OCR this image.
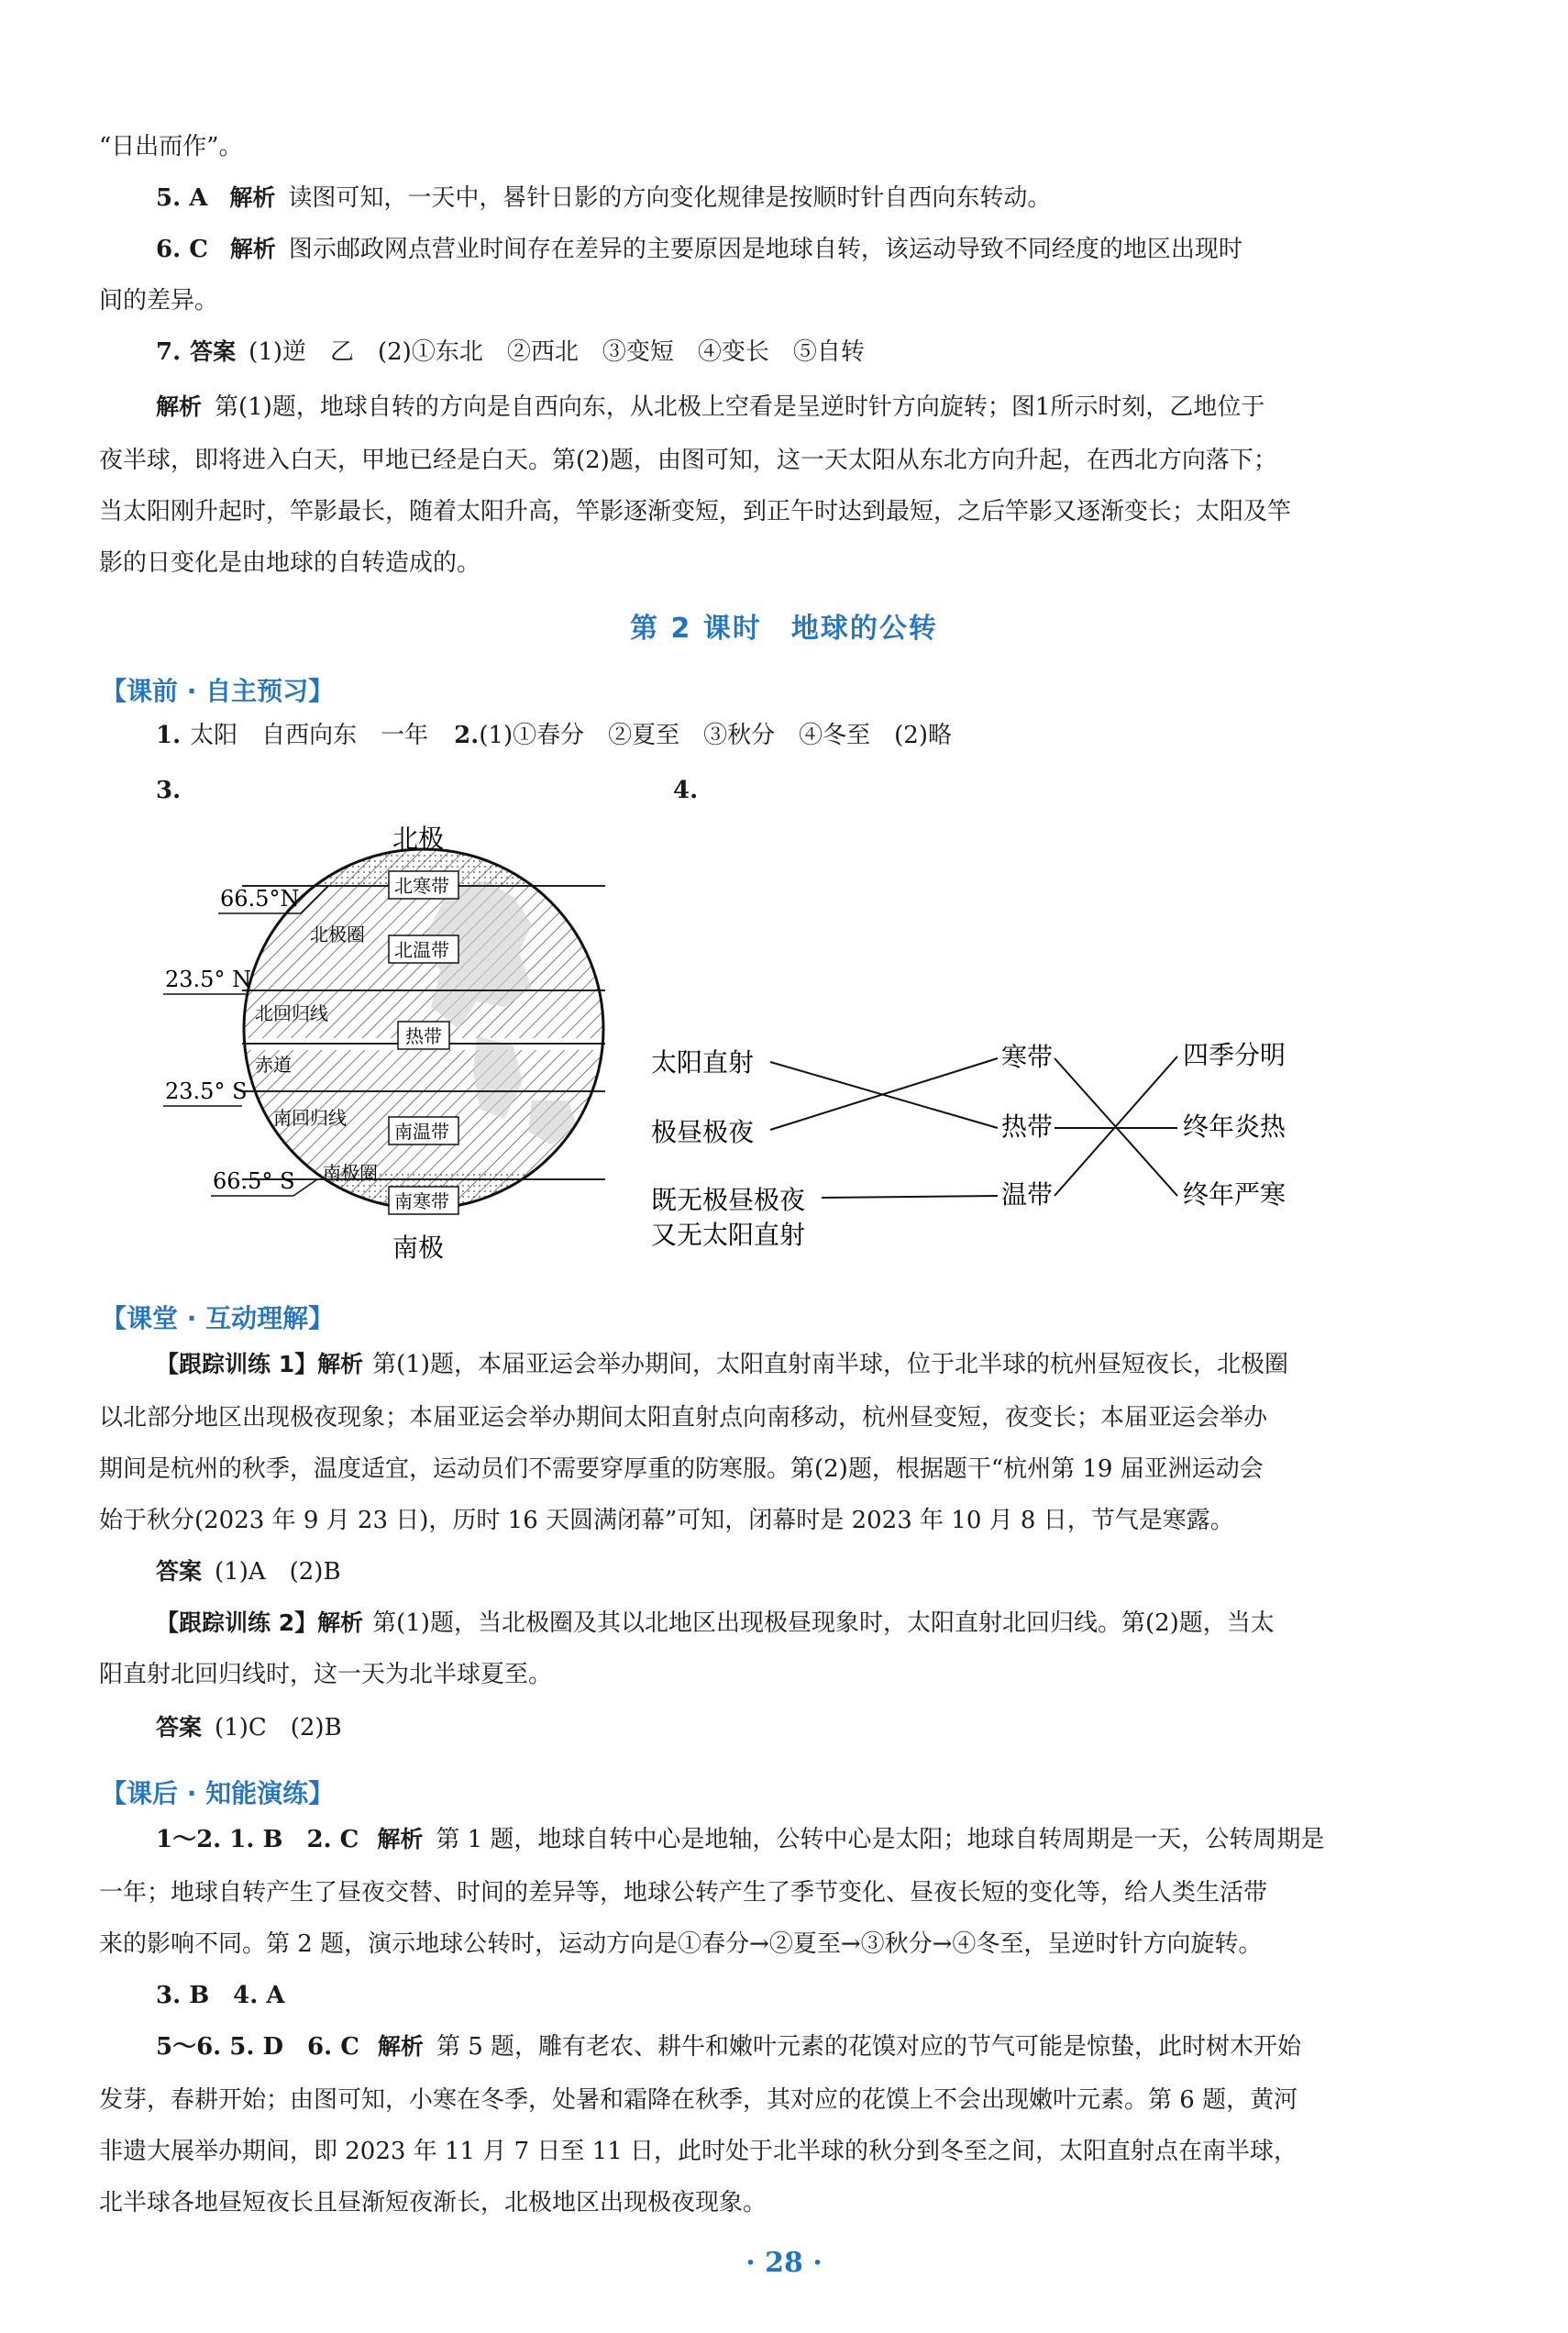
“日出而作”。
5. A 解析 读图可知，一天中，晷针日影的方向变化规律是按顺时针自西向东转动。
6. C 解析 图示邮政网点营业时间存在差异的主要原因是地球自转，该运动导致不同经度的地区出现时
间的差异。
7. 答案 (1)逆　乙　(2)①东北　②西北　③变短　④变长　⑤自转
解析 第(1)题，地球自转的方向是自西向东，从北极上空看是呈逆时针方向旋转；图1所示时刻，乙地位于
夜半球，即将进入白天，甲地已经是白天。第(2)题，由图可知，这一天太阳从东北方向升起，在西北方向落下；
当太阳刚升起时，竿影最长，随着太阳升高，竿影逐渐变短，到正午时达到最短，之后竿影又逐渐变长；太阳及竿
影的日变化是由地球的自转造成的。
第 2 课时　地球的公转
【课前 · 自主预习】
1. 太阳　自西向东　一年 2.(1)①春分　②夏至　③秋分　④冬至　(2)略
3.	4.
66.5°N
23.5° N
23.5° S
66.5° S
北极
南极
北极圈
北回归线
赤道
南回归线
南极圈
北寒带
北温带
热带
南温带
南寒带
太阳直射
极昼极夜
既无极昼极夜
又无太阳直射
寒带
热带
温带
四季分明
终年炎热
终年严寒
【课堂 · 互动理解】
【跟踪训练 1】解析 第(1)题，本届亚运会举办期间，太阳直射南半球，位于北半球的杭州昼短夜长，北极圈
以北部分地区出现极夜现象；本届亚运会举办期间太阳直射点向南移动，杭州昼变短，夜变长；本届亚运会举办
期间是杭州的秋季，温度适宜，运动员们不需要穿厚重的防寒服。第(2)题，根据题干“杭州第 19 届亚洲运动会
始于秋分(2023 年 9 月 23 日)，历时 16 天圆满闭幕”可知，闭幕时是 2023 年 10 月 8 日，节气是寒露。
答案 (1)A　(2)B
【跟踪训练 2】解析 第(1)题，当北极圈及其以北地区出现极昼现象时，太阳直射北回归线。第(2)题，当太
阳直射北回归线时，这一天为北半球夏至。
答案 (1)C　(2)B
【课后 · 知能演练】
1～2. 1. B　2. C 解析 第 1 题，地球自转中心是地轴，公转中心是太阳；地球自转周期是一天，公转周期是
一年；地球自转产生了昼夜交替、时间的差异等，地球公转产生了季节变化、昼夜长短的变化等，给人类生活带
来的影响不同。第 2 题，演示地球公转时，运动方向是①春分→②夏至→③秋分→④冬至，呈逆时针方向旋转。
3. B　4. A
5～6. 5. D　6. C 解析 第 5 题，雕有老农、耕牛和嫩叶元素的花馍对应的节气可能是惊蛰，此时树木开始
发芽，春耕开始；由图可知，小寒在冬季，处暑和霜降在秋季，其对应的花馍上不会出现嫩叶元素。第 6 题，黄河
非遗大展举办期间，即 2023 年 11 月 7 日至 11 日，此时处于北半球的秋分到冬至之间，太阳直射点在南半球，
北半球各地昼短夜长且昼渐短夜渐长，北极地区出现极夜现象。
· 28 ·
